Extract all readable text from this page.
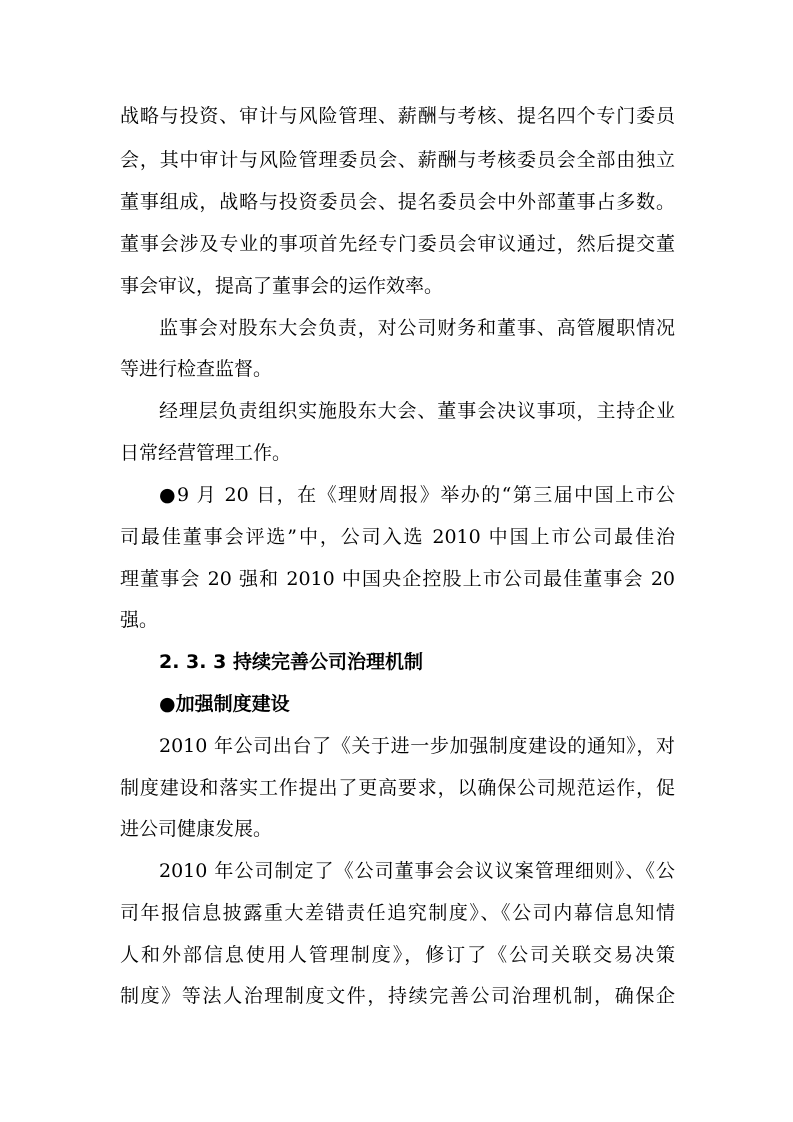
战略与投资、审计与风险管理、薪酬与考核、提名四个专门委员
会，其中审计与风险管理委员会、薪酬与考核委员会全部由独立
董事组成，战略与投资委员会、提名委员会中外部董事占多数。
董事会涉及专业的事项首先经专门委员会审议通过，然后提交董
事会审议，提高了董事会的运作效率。
监事会对股东大会负责，对公司财务和董事、高管履职情况
等进行检查监督。
经理层负责组织实施股东大会、董事会决议事项，主持企业
日常经营管理工作。
●9 月 20 日，在《理财周报》举办的“第三届中国上市公
司最佳董事会评选”中，公司入选 2010 中国上市公司最佳治
理董事会 20 强和 2010 中国央企控股上市公司最佳董事会 20
强。
2. 3. 3 持续完善公司治理机制
●加强制度建设
2010 年公司出台了《关于进一步加强制度建设的通知》，对
制度建设和落实工作提出了更高要求，以确保公司规范运作，促
进公司健康发展。
2010 年公司制定了《公司董事会会议议案管理细则》、《公
司年报信息披露重大差错责任追究制度》、《公司内幕信息知情
人和外部信息使用人管理制度》，修订了《公司关联交易决策
制度》等法人治理制度文件，持续完善公司治理机制，确保企
